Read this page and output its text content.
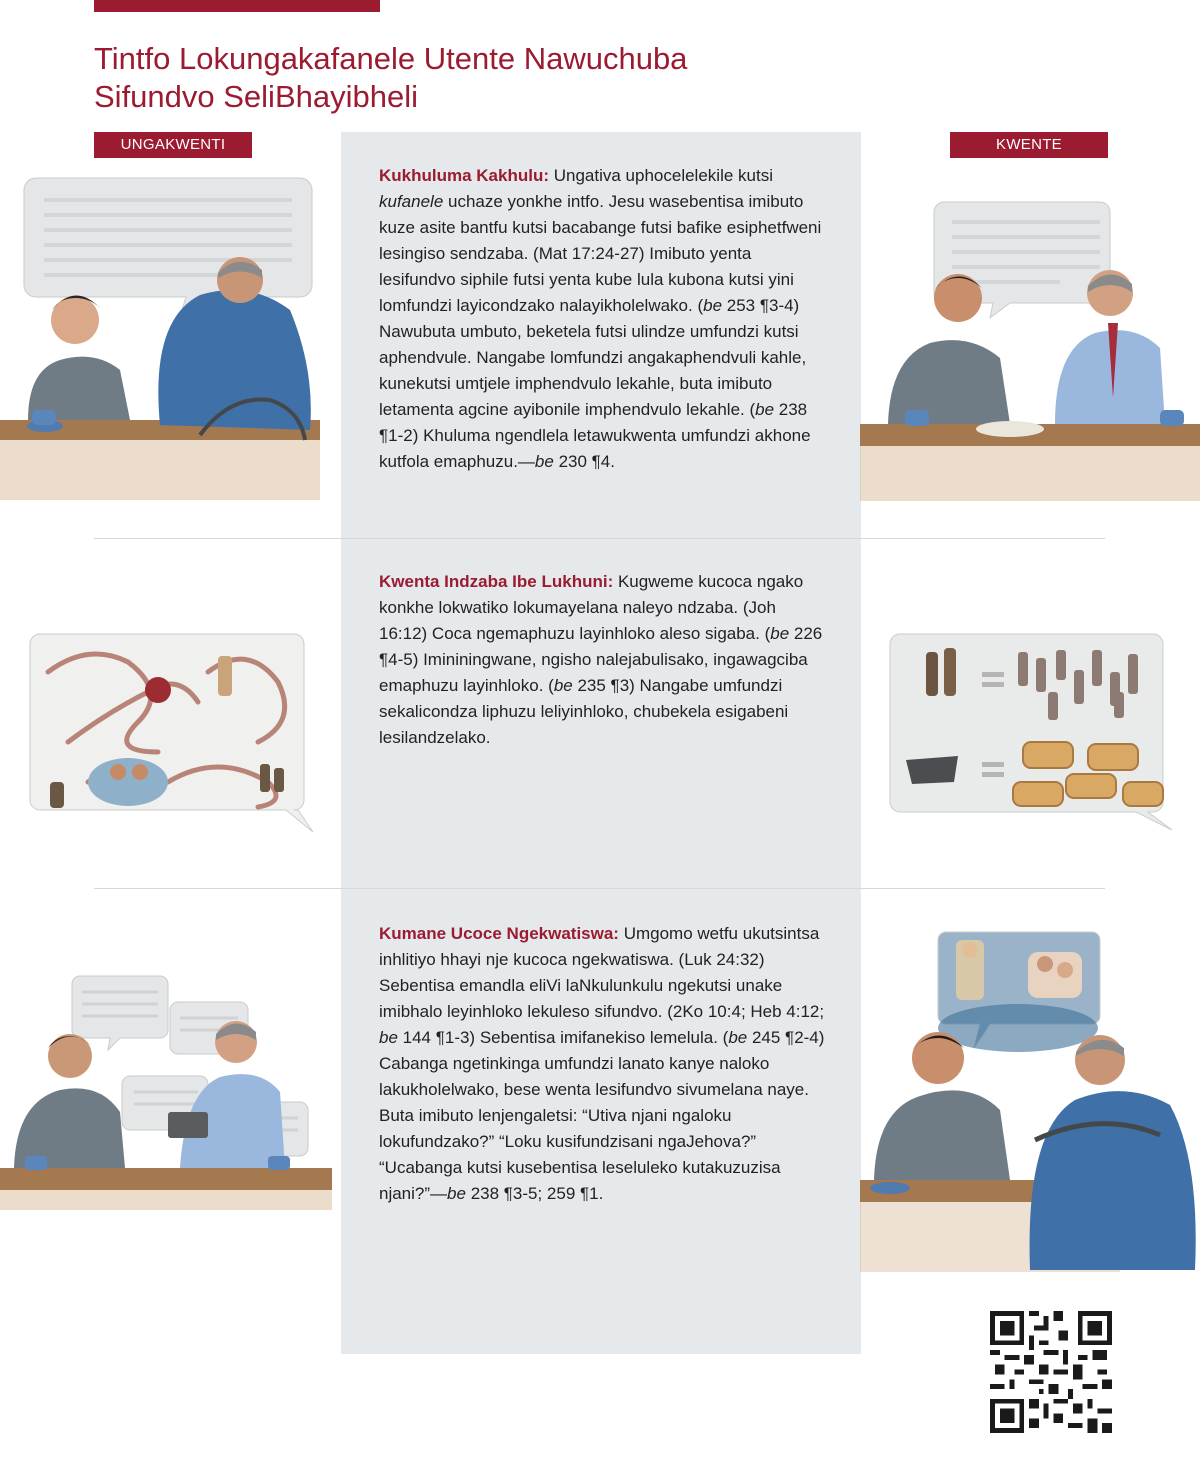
Tintfo Lokungakafanele Utente Nawuchuba
Sifundvo SeliBhayibheli
UNGAKWENTI	KWENTE

Kukhuluma Kakhulu: Ungativa uphocelelekile kutsi kufanele uchaze yonkhe intfo. Jesu wasebentisa imibuto kuze asite bantfu kutsi bacabange futsi bafike esiphetfweni lesingiso sendzaba. (Mat 17:24-27) Imibuto yenta lesifundvo siphile futsi yenta kube lula kubona kutsi yini lomfundzi layicondzako nalayikholelwako. (be 253 ¶3-4) Nawubuta umbuto, beketela futsi ulindze umfundzi kutsi aphendvule. Nangabe lomfundzi angakaphendvuli kahle, kunekutsi umtjele imphendvulo lekahle, buta imibuto letamenta agcine ayibonile imphendvulo lekahle. (be 238 ¶1-2) Khuluma ngendlela letawukwenta umfundzi akhone kutfola emaphuzu.—be 230 ¶4.

Kwenta Indzaba Ibe Lukhuni: Kugweme kucoca ngako konkhe lokwatiko lokumayelana naleyo ndzaba. (Joh 16:12) Coca ngemaphuzu layinhloko aleso sigaba. (be 226 ¶4-5) Imininingwane, ngisho nalejabulisako, ingawagciba emaphuzu layinhloko. (be 235 ¶3) Nangabe umfundzi sekalicondza liphuzu leliyinhloko, chubekela esigabeni lesilandzelako.

Kumane Ucoce Ngekwatiswa: Umgomo wetfu ukutsintsa inhlitiyo hhayi nje kucoca ngekwatiswa. (Luk 24:32) Sebentisa emandla eliVi laNkulunkulu ngekutsi unake imibhalo leyinhloko lekuleso sifundvo. (2Ko 10:4; Heb 4:12; be 144 ¶1-3) Sebentisa imifanekiso lemelula. (be 245 ¶2-4) Cabanga ngetinkinga umfundzi lanato kanye naloko lakukholelwako, bese wenta lesifundvo sivumelana naye. Buta imibuto lenjengaletsi: “Utiva njani ngaloku lokufundzako?” “Loku kusifundzisani ngaJehova?” “Ucabanga kutsi kusebentisa leseluleko kutakuzuzisa njani?”—be 238 ¶3-5; 259 ¶1.
